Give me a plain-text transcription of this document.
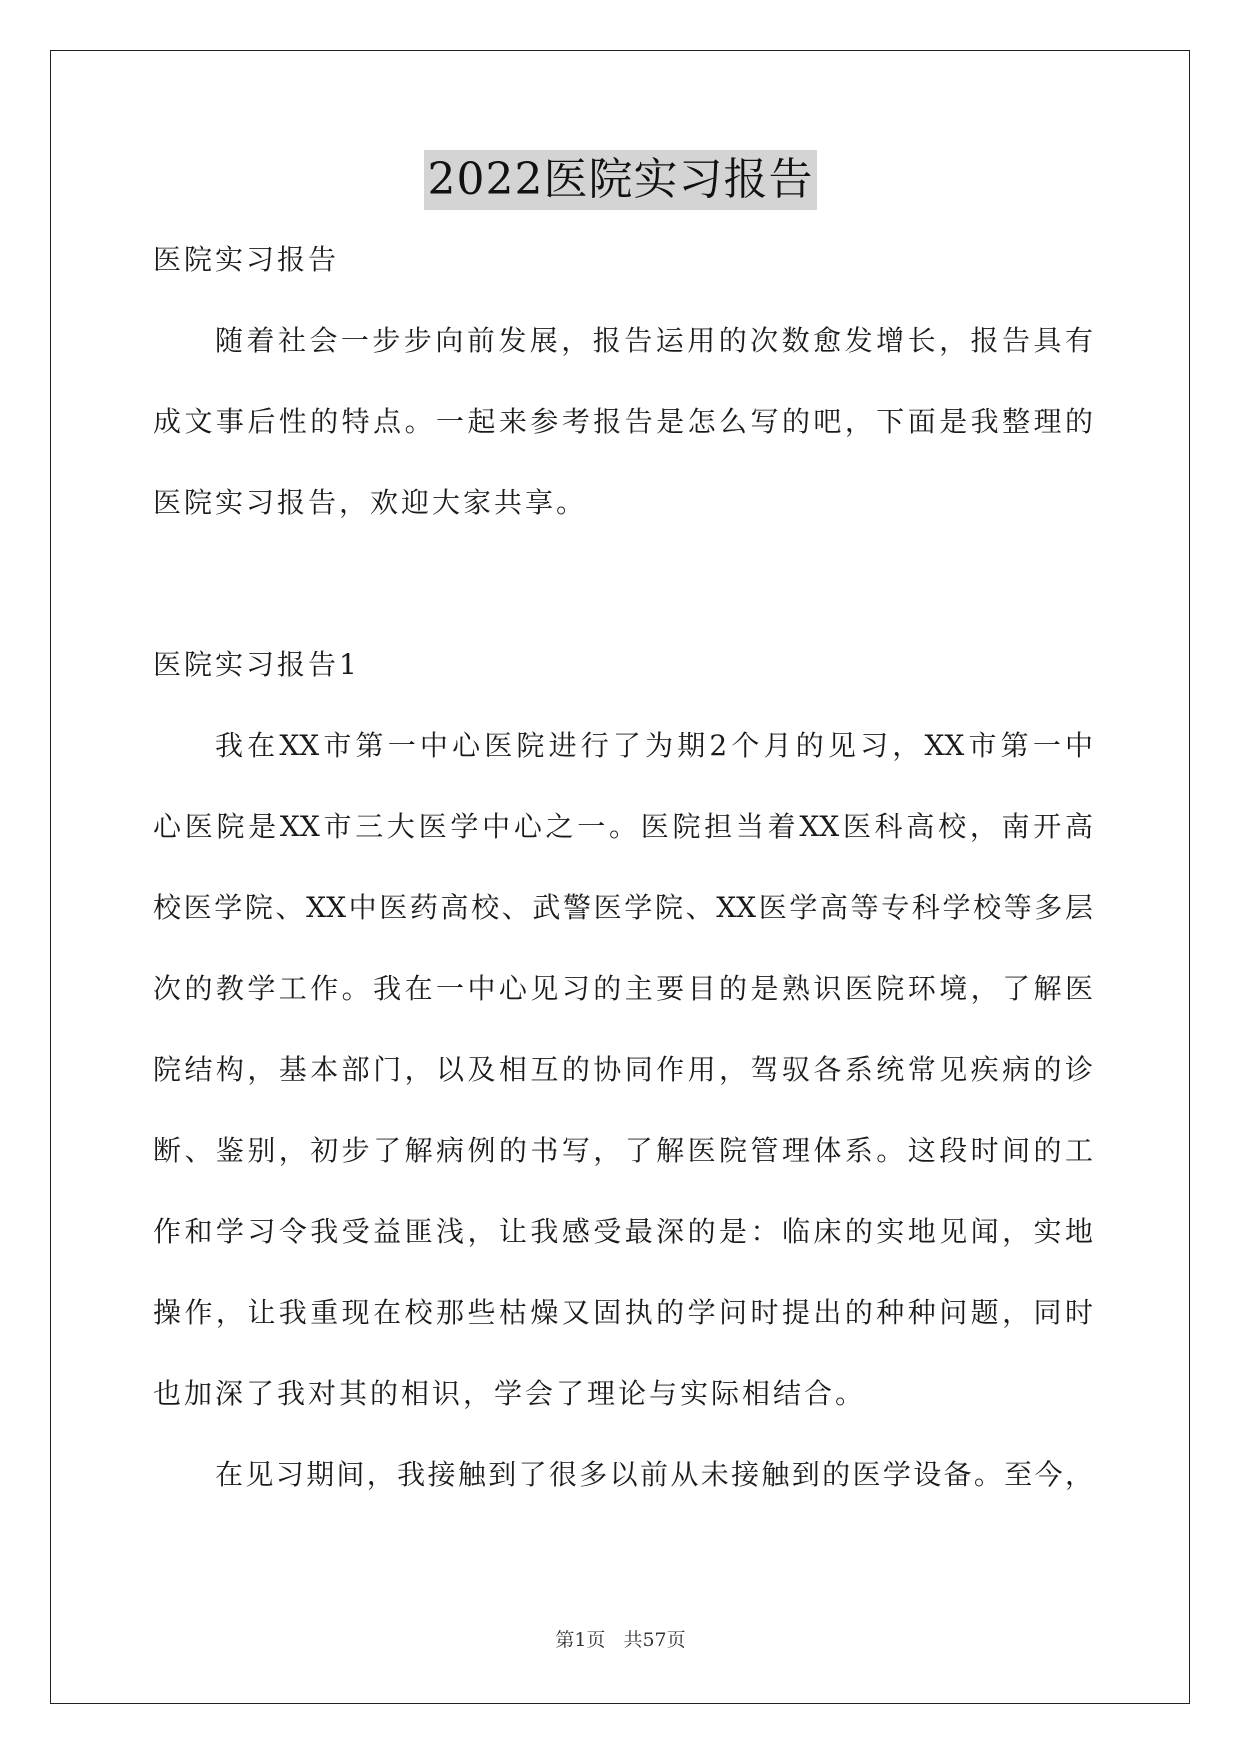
2022医院实习报告
医院实习报告
随着社会一步步向前发展，报告运用的次数愈发增长，报告具有
成文事后性的特点。一起来参考报告是怎么写的吧，下面是我整理的
医院实习报告，欢迎大家共享。
医院实习报告1
我在XX市第一中心医院进行了为期2个月的见习，XX市第一中
心医院是XX市三大医学中心之一。医院担当着XX医科高校，南开高
校医学院、XX中医药高校、武警医学院、XX医学高等专科学校等多层
次的教学工作。我在一中心见习的主要目的是熟识医院环境，了解医
院结构，基本部门，以及相互的协同作用，驾驭各系统常见疾病的诊
断、鉴别，初步了解病例的书写，了解医院管理体系。这段时间的工
作和学习令我受益匪浅，让我感受最深的是：临床的实地见闻，实地
操作，让我重现在校那些枯燥又固执的学问时提出的种种问题，同时
也加深了我对其的相识，学会了理论与实际相结合。
在见习期间，我接触到了很多以前从未接触到的医学设备。至今，
第1页 共57页
